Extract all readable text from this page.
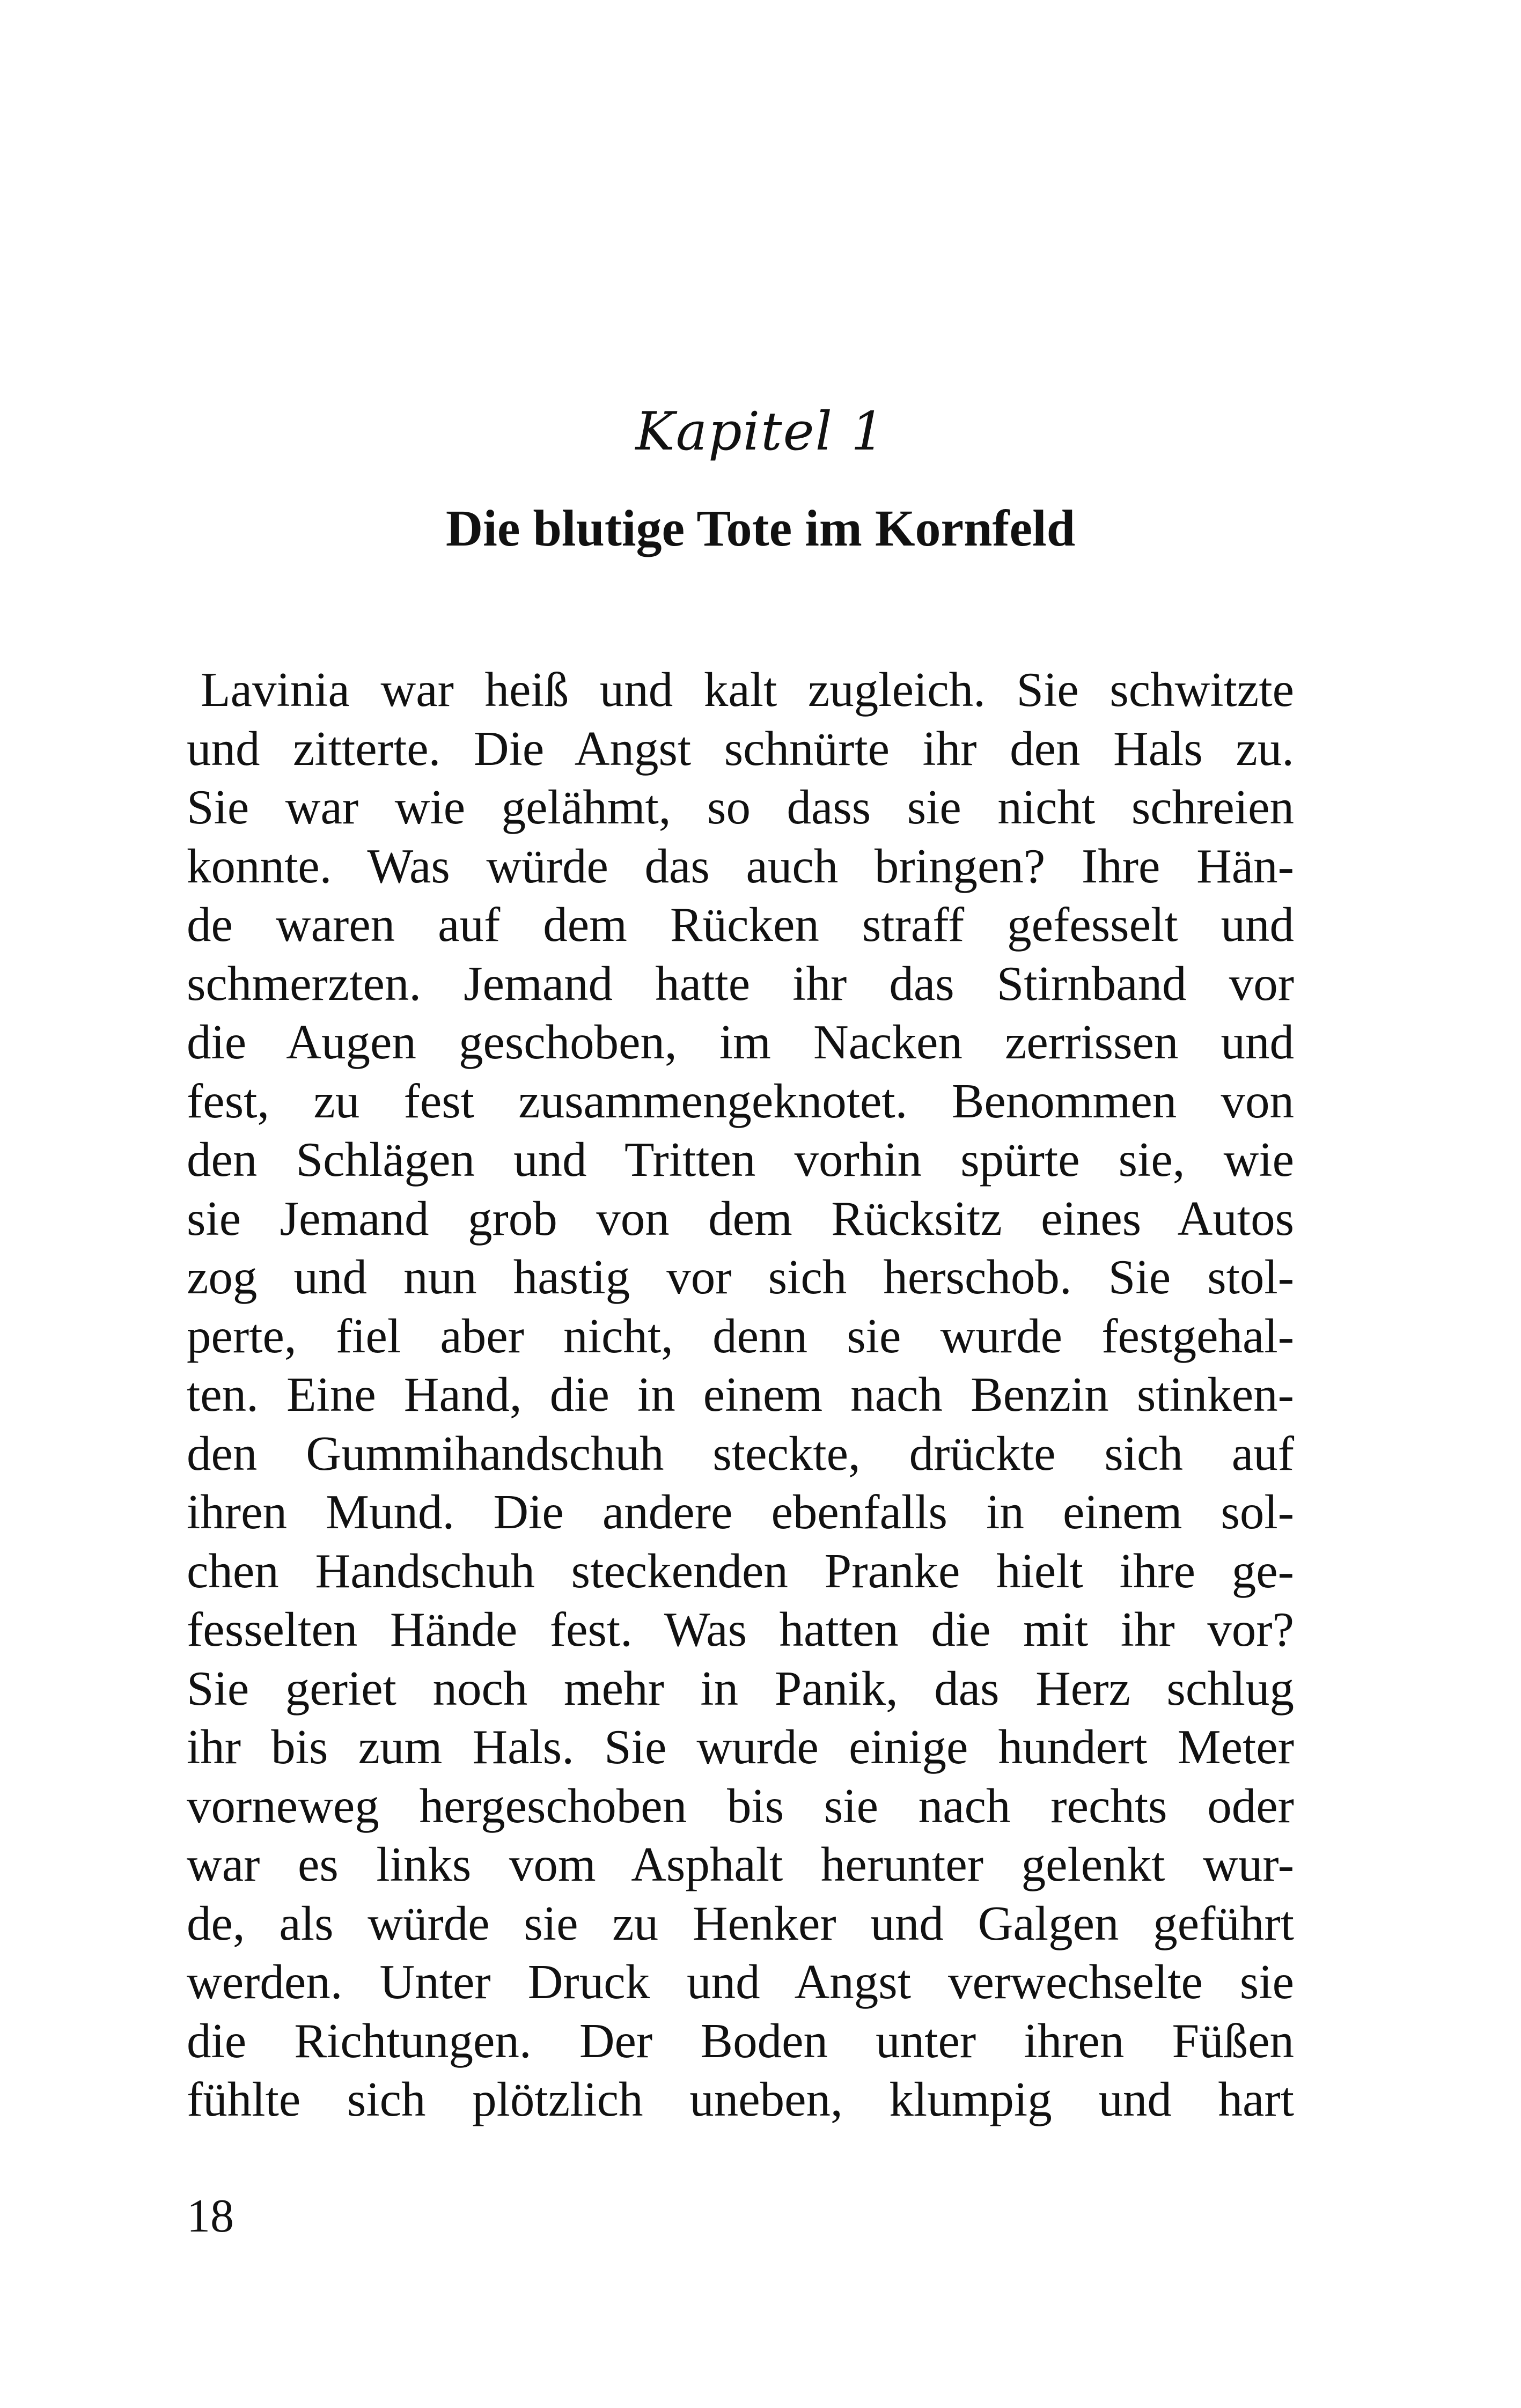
Kapitel 1
Die blutige Tote im Kornfeld
Lavinia war heiß und kalt zugleich. Sie schwitzte
und zitterte. Die Angst schnürte ihr den Hals zu.
Sie war wie gelähmt, so dass sie nicht schreien
konnte. Was würde das auch bringen? Ihre Hän-
de waren auf dem Rücken straff gefesselt und
schmerzten. Jemand hatte ihr das Stirnband vor
die Augen geschoben, im Nacken zerrissen und
fest, zu fest zusammengeknotet. Benommen von
den Schlägen und Tritten vorhin spürte sie, wie
sie Jemand grob von dem Rücksitz eines Autos
zog und nun hastig vor sich herschob. Sie stol-
perte, fiel aber nicht, denn sie wurde festgehal-
ten. Eine Hand, die in einem nach Benzin stinken-
den Gummihandschuh steckte, drückte sich auf
ihren Mund. Die andere ebenfalls in einem sol-
chen Handschuh steckenden Pranke hielt ihre ge-
fesselten Hände fest. Was hatten die mit ihr vor?
Sie geriet noch mehr in Panik, das Herz schlug
ihr bis zum Hals. Sie wurde einige hundert Meter
vorneweg hergeschoben bis sie nach rechts oder
war es links vom Asphalt herunter gelenkt wur-
de, als würde sie zu Henker und Galgen geführt
werden. Unter Druck und Angst verwechselte sie
die Richtungen. Der Boden unter ihren Füßen
fühlte sich plötzlich uneben, klumpig und hart
18
